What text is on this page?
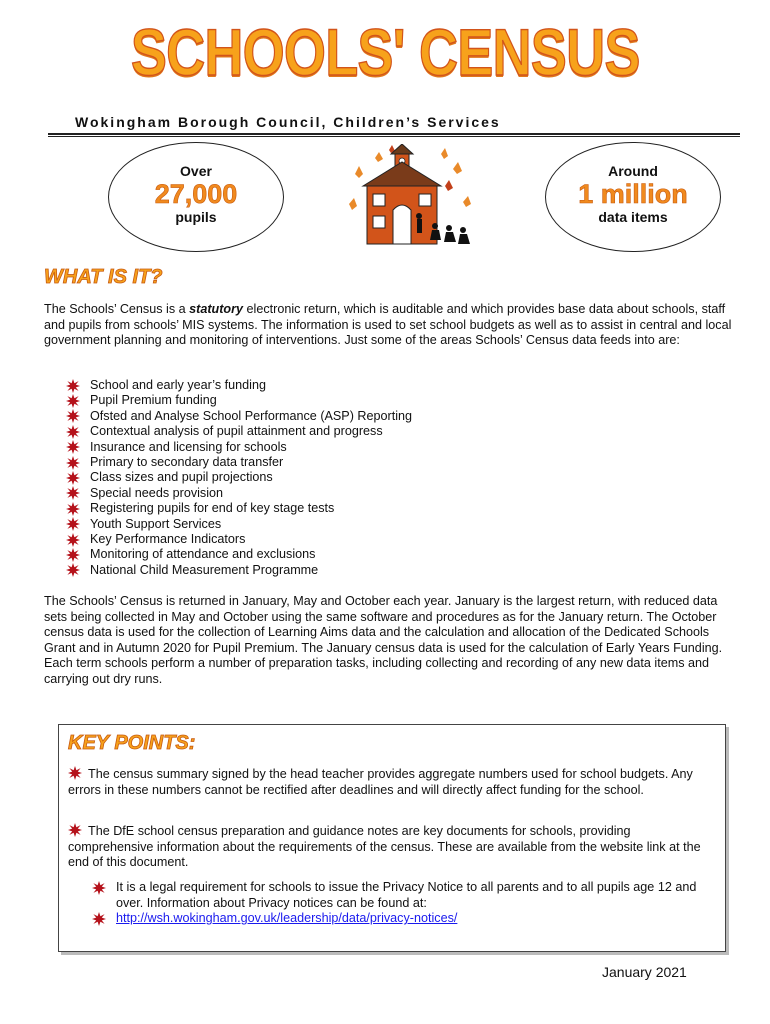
SCHOOLS' CENSUS
Wokingham Borough Council, Children’s Services
Over
27,000
pupils
Around
1 million
data items
WHAT IS IT?

The Schools’ Census is a statutory electronic return, which is auditable and which provides base data about schools, staff and pupils from schools’ MIS systems. The information is used to set school budgets as well as to assist in central and local government planning and monitoring of interventions. Just some of the areas Schools’ Census data feeds into are:

School and early year’s funding
Pupil Premium funding
Ofsted and Analyse School Performance (ASP) Reporting
Contextual analysis of pupil attainment and progress
Insurance and licensing for schools
Primary to secondary data transfer
Class sizes and pupil projections
Special needs provision
Registering pupils for end of key stage tests
Youth Support Services
Key Performance Indicators
Monitoring of attendance and exclusions
National Child Measurement Programme

The Schools’ Census is returned in January, May and October each year. January is the largest return, with reduced data sets being collected in May and October using the same software and procedures as for the January return. The October census data is used for the collection of Learning Aims data and the calculation and allocation of the Dedicated Schools Grant and in Autumn 2020 for Pupil Premium. The January census data is used for the calculation of Early Years Funding. Each term schools perform a number of preparation tasks, including collecting and recording of any new data items and carrying out dry runs.

KEY POINTS:

The census summary signed by the head teacher provides aggregate numbers used for school budgets. Any errors in these numbers cannot be rectified after deadlines and will directly affect funding for the school.

The DfE school census preparation and guidance notes are key documents for schools, providing comprehensive information about the requirements of the census. These are available from the website link at the end of this document.

It is a legal requirement for schools to issue the Privacy Notice to all parents and to all pupils age 12 and over. Information about Privacy notices can be found at:
http://wsh.wokingham.gov.uk/leadership/data/privacy-notices/
January 2021
